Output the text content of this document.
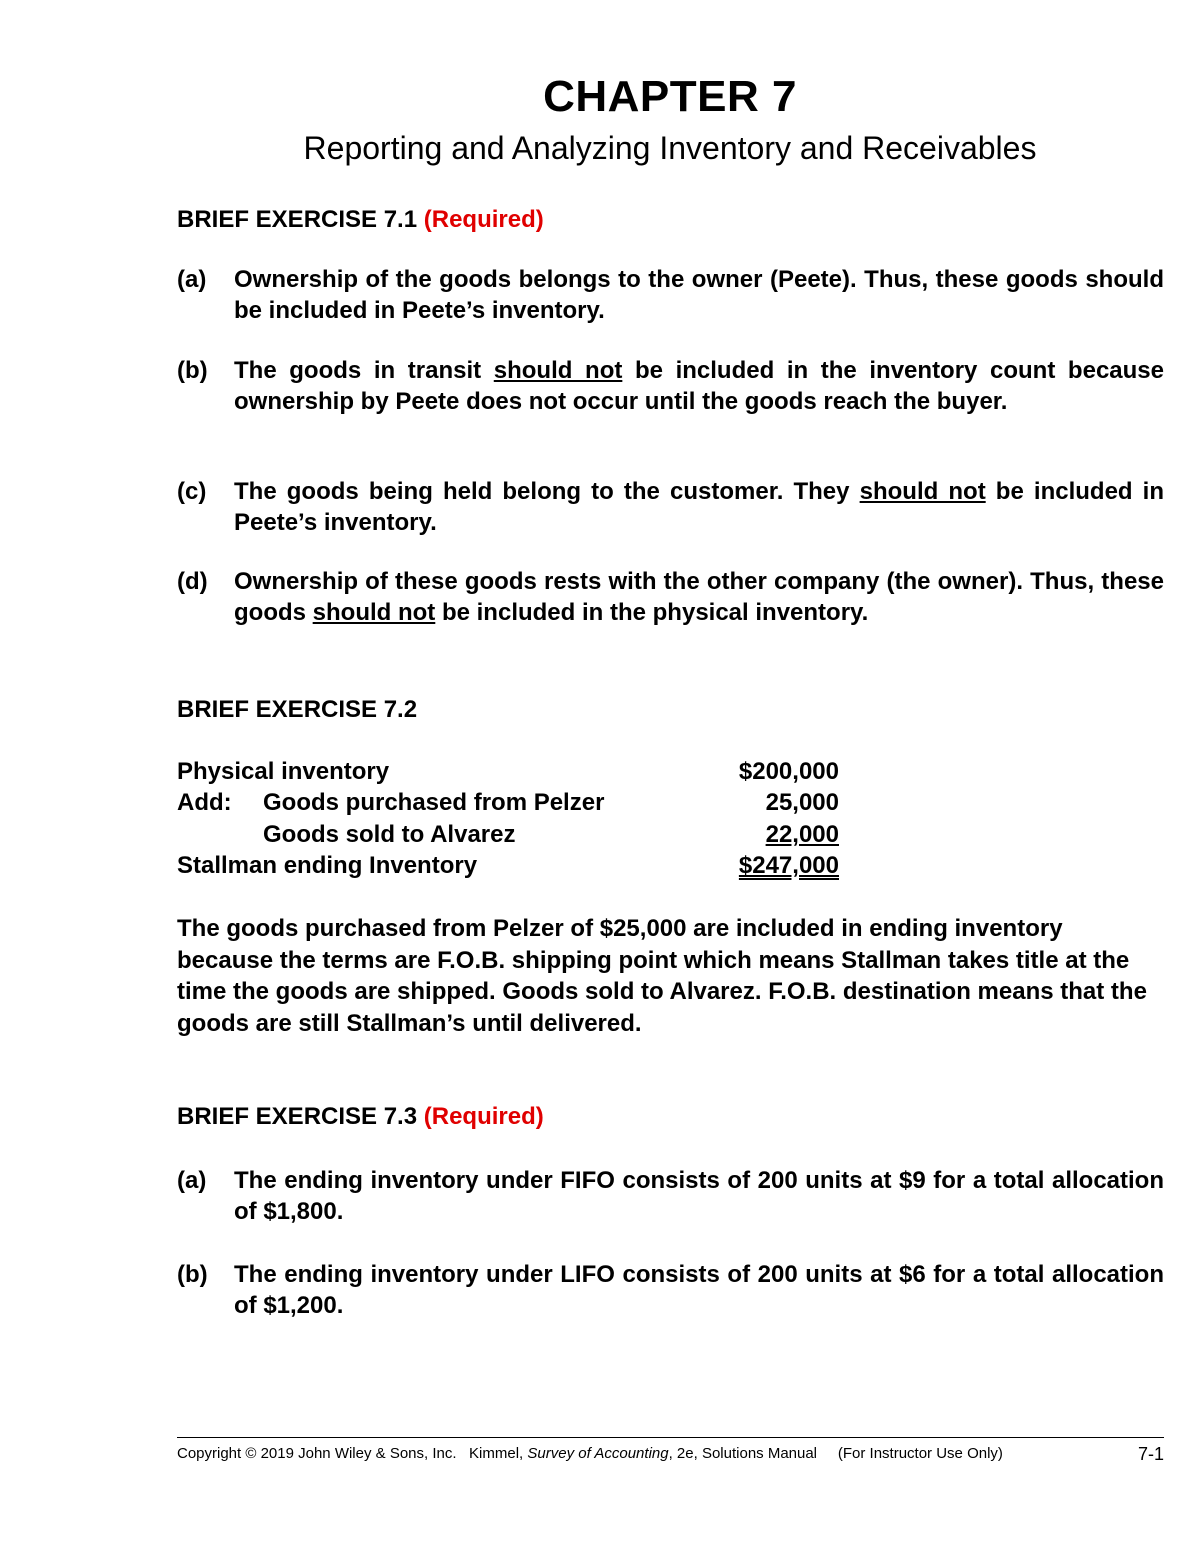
CHAPTER 7
Reporting and Analyzing Inventory and Receivables
BRIEF EXERCISE 7.1 (Required)
(a) Ownership of the goods belongs to the owner (Peete). Thus, these goods should be included in Peete’s inventory.
(b) The goods in transit should not be included in the inventory count because ownership by Peete does not occur until the goods reach the buyer.
(c) The goods being held belong to the customer. They should not be included in Peete’s inventory.
(d) Ownership of these goods rests with the other company (the owner). Thus, these goods should not be included in the physical inventory.
BRIEF EXERCISE 7.2
Physical inventory	$200,000
Add: Goods purchased from Pelzer	25,000
Goods sold to Alvarez	22,000
Stallman ending Inventory	$247,000
The goods purchased from Pelzer of $25,000 are included in ending inventory because the terms are F.O.B. shipping point which means Stallman takes title at the time the goods are shipped. Goods sold to Alvarez. F.O.B. destination means that the goods are still Stallman’s until delivered.
BRIEF EXERCISE 7.3 (Required)
(a) The ending inventory under FIFO consists of 200 units at $9 for a total allocation of $1,800.
(b) The ending inventory under LIFO consists of 200 units at $6 for a total allocation of $1,200.
Copyright © 2019 John Wiley & Sons, Inc. Kimmel, Survey of Accounting, 2e, Solutions Manual (For Instructor Use Only)	7-1
